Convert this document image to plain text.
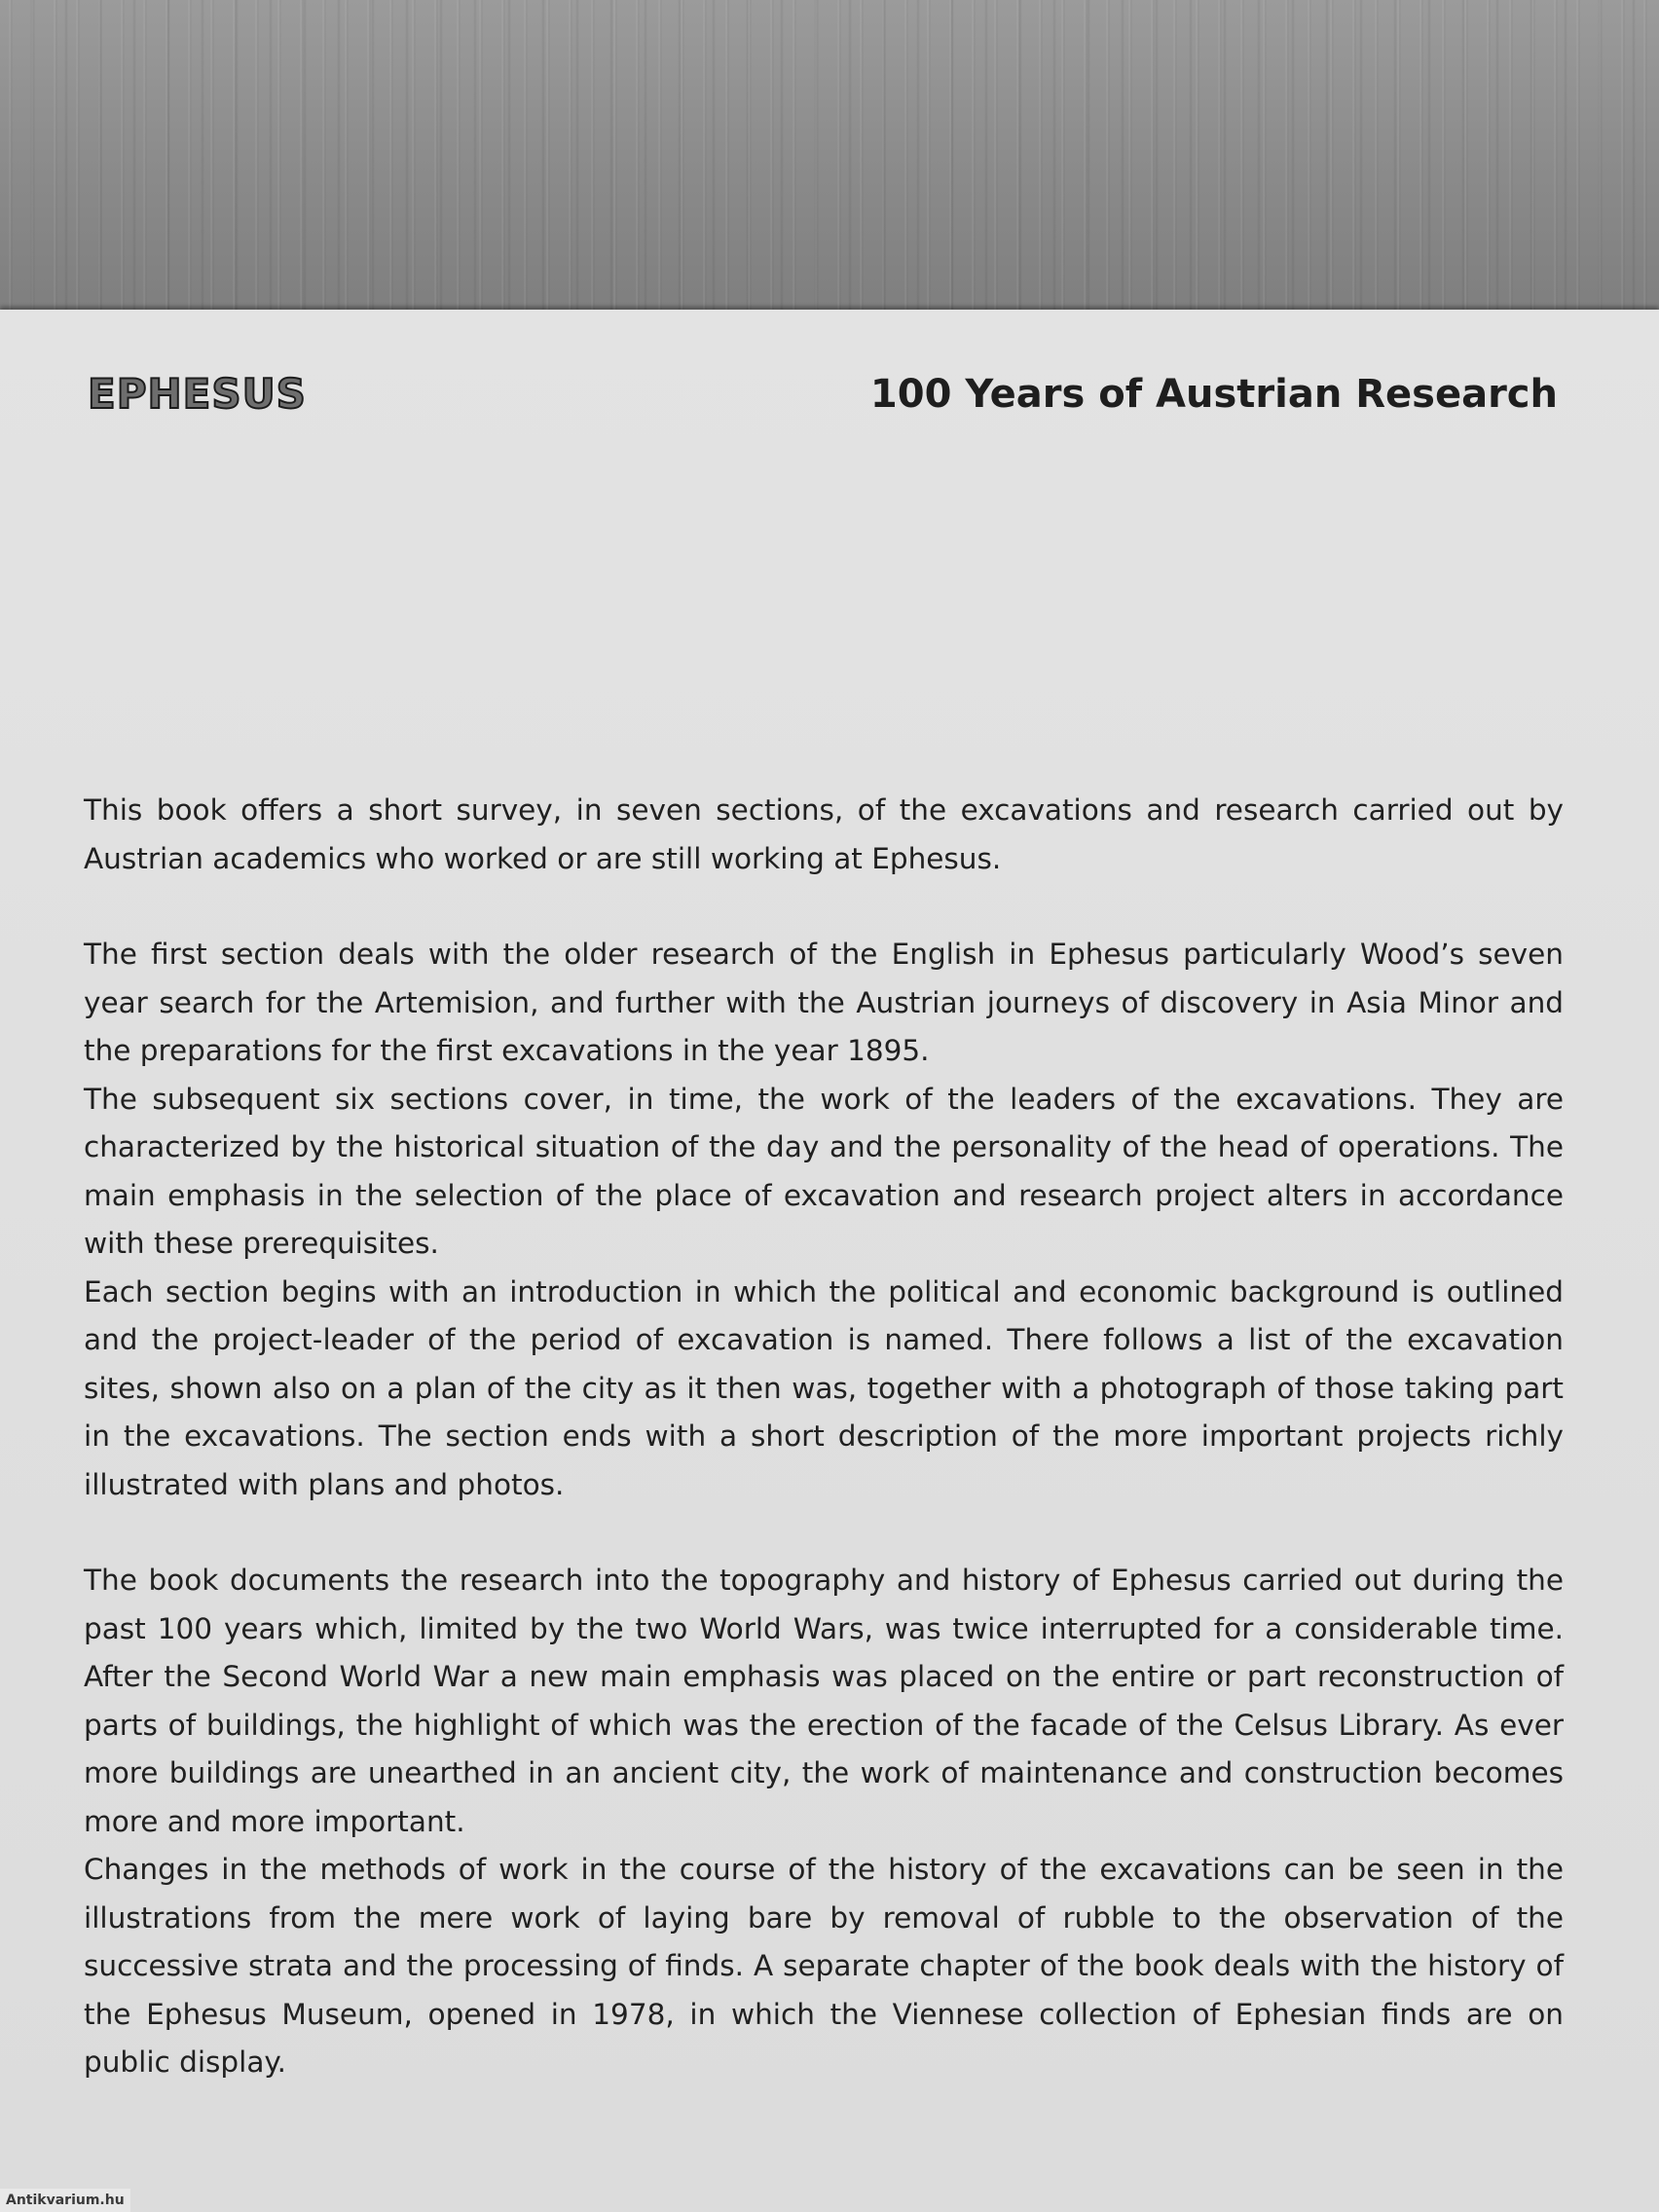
EPHESUS	100 Years of Austrian Research

This book offers a short survey, in seven sections, of the excavations and research carried out by Austrian academics who worked or are still working at Ephesus.

The first section deals with the older research of the English in Ephesus particularly Wood’s seven year search for the Artemision, and further with the Austrian journeys of discovery in Asia Minor and the preparations for the first excavations in the year 1895.

The subsequent six sections cover, in time, the work of the leaders of the excavations. They are characterized by the historical situation of the day and the personality of the head of operations. The main emphasis in the selection of the place of excavation and research project alters in accordance with these prerequisites.

Each section begins with an introduction in which the political and economic background is outlined and the project-leader of the period of excavation is named. There follows a list of the excavation sites, shown also on a plan of the city as it then was, together with a photograph of those taking part in the excavations. The section ends with a short description of the more important projects richly illustrated with plans and photos.

The book documents the research into the topography and history of Ephesus carried out during the past 100 years which, limited by the two World Wars, was twice interrupted for a considerable time. After the Second World War a new main emphasis was placed on the entire or part reconstruction of parts of buildings, the highlight of which was the erection of the facade of the Celsus Library. As ever more buildings are unearthed in an ancient city, the work of maintenance and construction becomes more and more important.

Changes in the methods of work in the course of the history of the excavations can be seen in the illustrations from the mere work of laying bare by removal of rubble to the observation of the successive strata and the processing of finds. A separate chapter of the book deals with the history of the Ephesus Museum, opened in 1978, in which the Viennese collection of Ephesian finds are on public display.

Antikvarium.hu
